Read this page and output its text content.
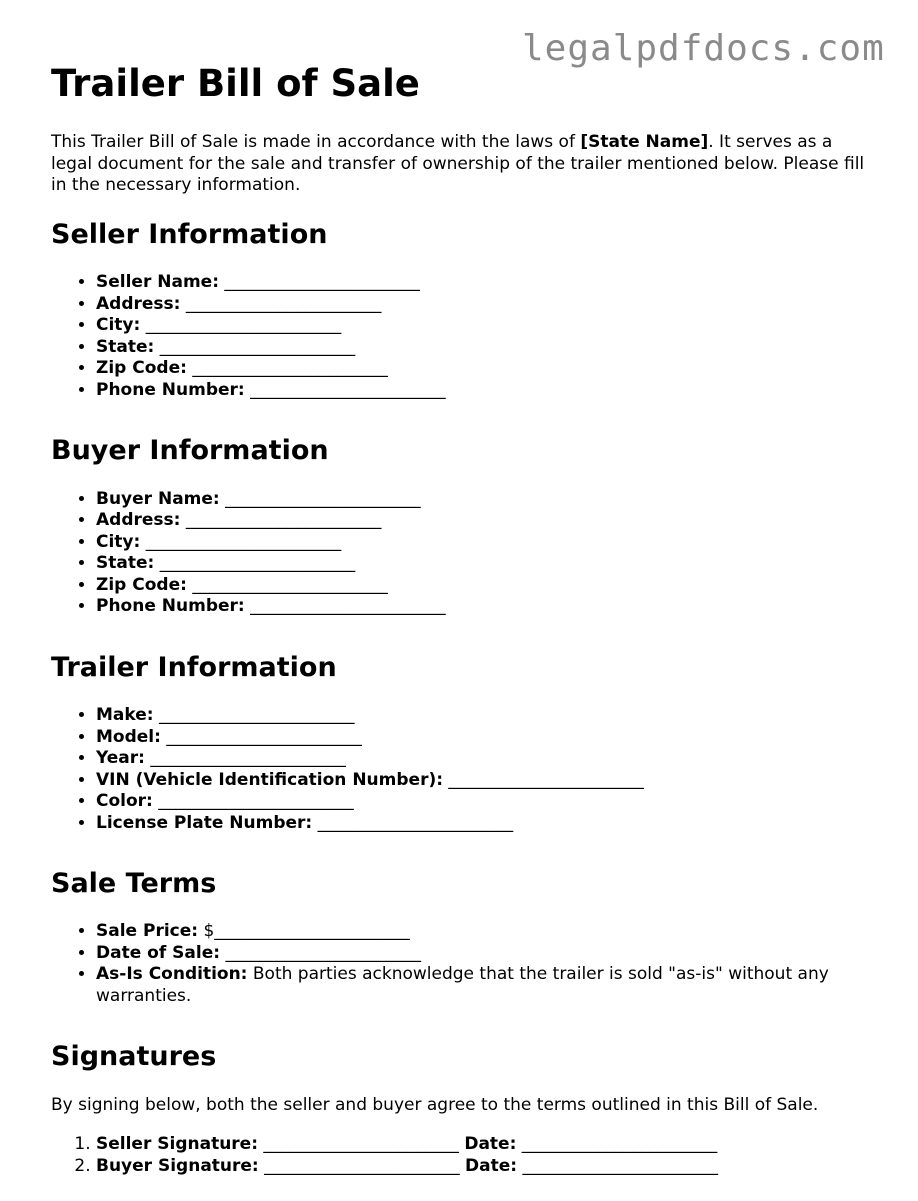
legalpdfdocs.com
Trailer Bill of Sale

This Trailer Bill of Sale is made in accordance with the laws of [State Name]. It serves as a legal document for the sale and transfer of ownership of the trailer mentioned below. Please fill in the necessary information.

Seller Information
• Seller Name: _______________________
• Address: _______________________
• City: _______________________
• State: _______________________
• Zip Code: _______________________
• Phone Number: _______________________
Buyer Information
• Buyer Name: _______________________
• Address: _______________________
• City: _______________________
• State: _______________________
• Zip Code: _______________________
• Phone Number: _______________________
Trailer Information
• Make: _______________________
• Model: _______________________
• Year: _______________________
• VIN (Vehicle Identification Number): _______________________
• Color: _______________________
• License Plate Number: _______________________
Sale Terms
• Sale Price: $_______________________
• Date of Sale: _______________________
• As-Is Condition: Both parties acknowledge that the trailer is sold "as-is" without any warranties.
Signatures

By signing below, both the seller and buyer agree to the terms outlined in this Bill of Sale.

1. Seller Signature: _______________________ Date: _______________________
2. Buyer Signature: _______________________ Date: _______________________
